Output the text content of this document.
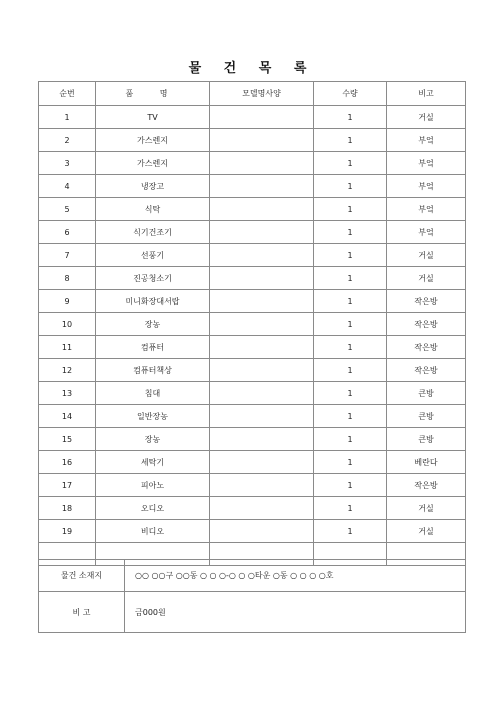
물 건 목 록
순번	품 명	모델명사양	수량	비고
1	TV		1	거실
2	가스렌지		1	부엌
3	가스렌지		1	부엌
4	냉장고		1	부엌
5	식탁		1	부엌
6	식기건조기		1	부엌
7	선풍기		1	거실
8	진공청소기		1	거실
9	미니화장대서랍		1	작은방
10	장농		1	작은방
11	컴퓨터		1	작은방
12	컴퓨터책상		1	작은방
13	침대		1	큰방
14	일반장농		1	큰방
15	장농		1	큰방
16	세탁기		1	베란다
17	피아노		1	작은방
18	오디오		1	거실
19	비디오		1	거실

물건 소재지	○○ ○○구 ○○동 ○ ○ ○-○ ○ ○타운 ○동 ○ ○ ○ ○호
비 고	금000원
